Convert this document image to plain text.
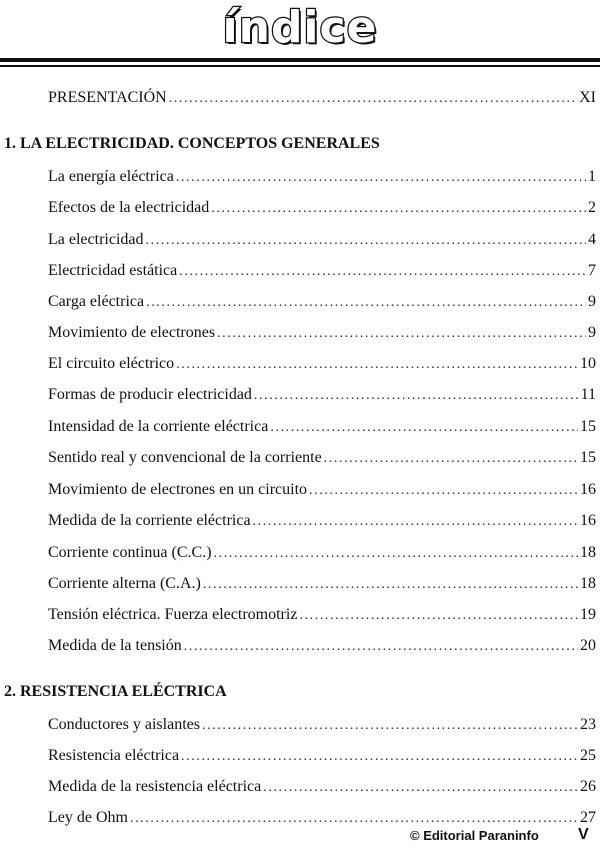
índice
PRESENTACIÓN .....	XI
1. LA ELECTRICIDAD. CONCEPTOS GENERALES
La energía eléctrica .....	1
Efectos de la electricidad .....	2
La electricidad .....	4
Electricidad estática .....	7
Carga eléctrica .....	9
Movimiento de electrones .....	9
El circuito eléctrico .....	10
Formas de producir electricidad .....	11
Intensidad de la corriente eléctrica .....	15
Sentido real y convencional de la corriente .....	15
Movimiento de electrones en un circuito .....	16
Medida de la corriente eléctrica .....	16
Corriente continua (C.C.) .....	18
Corriente alterna (C.A.) .....	18
Tensión eléctrica. Fuerza electromotriz .....	19
Medida de la tensión .....	20
2. RESISTENCIA ELÉCTRICA
Conductores y aislantes .....	23
Resistencia eléctrica .....	25
Medida de la resistencia eléctrica .....	26
Ley de Ohm .....	27
© Editorial Paraninfo V
